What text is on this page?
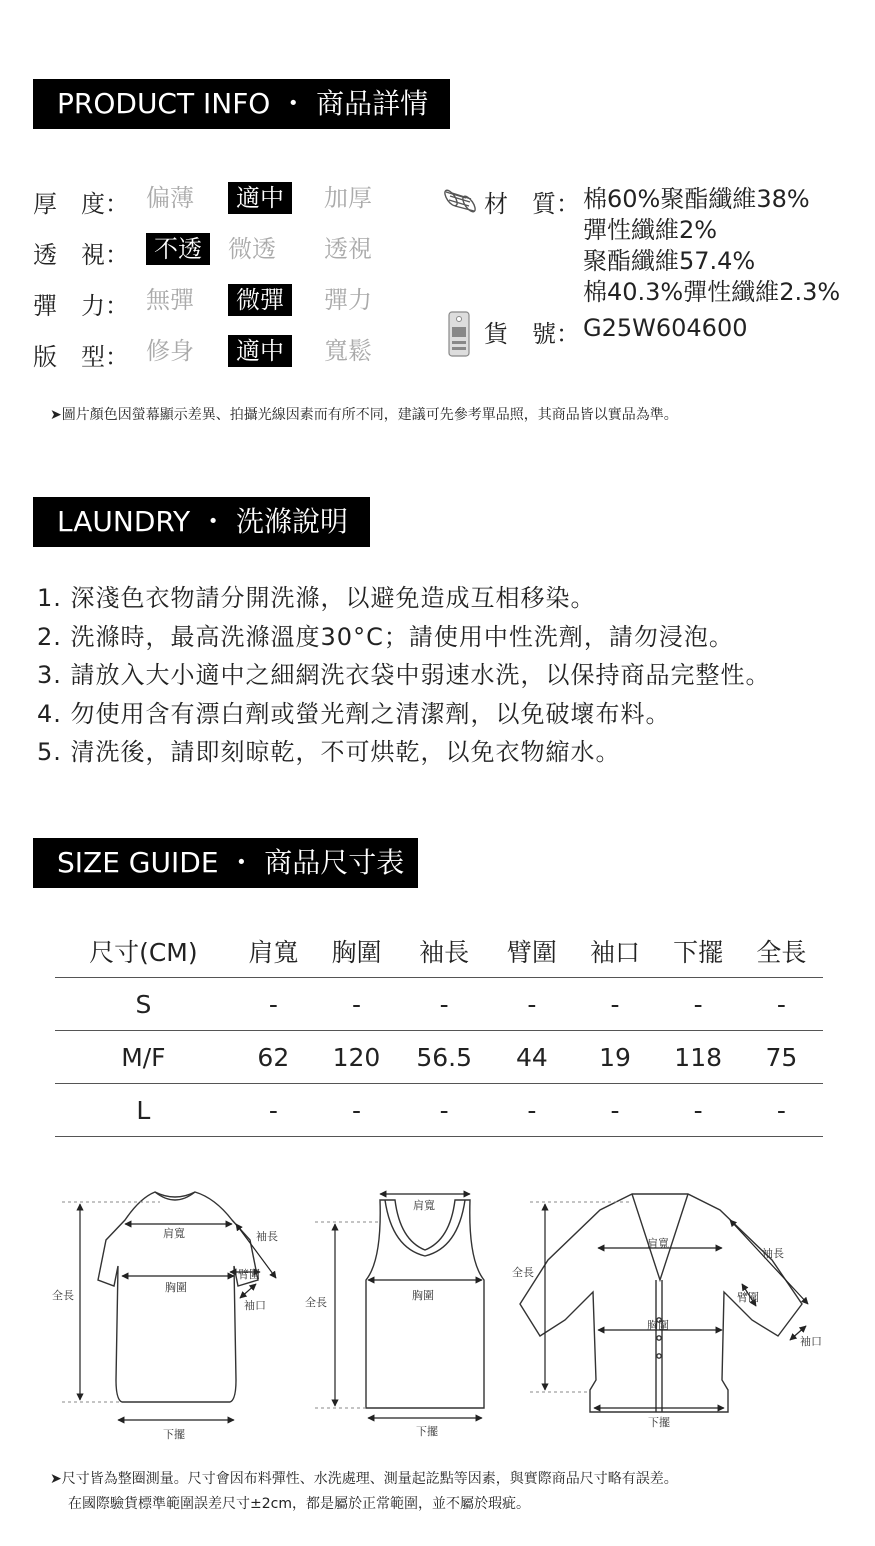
PRODUCT INFO ・ 商品詳情
厚　度： 偏薄	適中	加厚
透　視：	不透	微透 透視
彈　力： 無彈	微彈	彈力
版　型： 修身	適中	寬鬆
材　質： 棉60%聚酯纖維38%
彈性纖維2%
聚酯纖維57.4%
棉40.3%彈性纖維2.3%
貨　號： G25W604600
➤圖片顏色因螢幕顯示差異、拍攝光線因素而有所不同，建議可先參考單品照，其商品皆以實品為準。
LAUNDRY ・ 洗滌說明
1. 深淺色衣物請分開洗滌，以避免造成互相移染。
2. 洗滌時，最高洗滌溫度30°C；請使用中性洗劑，請勿浸泡。
3. 請放入大小適中之細網洗衣袋中弱速水洗，以保持商品完整性。
4. 勿使用含有漂白劑或螢光劑之清潔劑，以免破壞布料。
5. 清洗後，請即刻晾乾，不可烘乾，以免衣物縮水。
SIZE GUIDE ・ 商品尺寸表
尺寸(CM)	肩寬	胸圍	袖長	臂圍	袖口	下擺	全長
S	-	-	-	-	-	-	-
M/F	62	120	56.5	44	19	118	75
L	-	-	-	-	-	-	-
肩寬	袖長
胸圍
臂圍
袖口
全長
下擺
肩寬
胸圍
全長
下擺
肩寬
袖長
全長
臂圍
胸圍
袖口
下擺
➤尺寸皆為整圈測量。尺寸會因布料彈性、水洗處理、測量起訖點等因素，與實際商品尺寸略有誤差。
在國際驗貨標準範圍誤差尺寸±2cm，都是屬於正常範圍，並不屬於瑕疵。
